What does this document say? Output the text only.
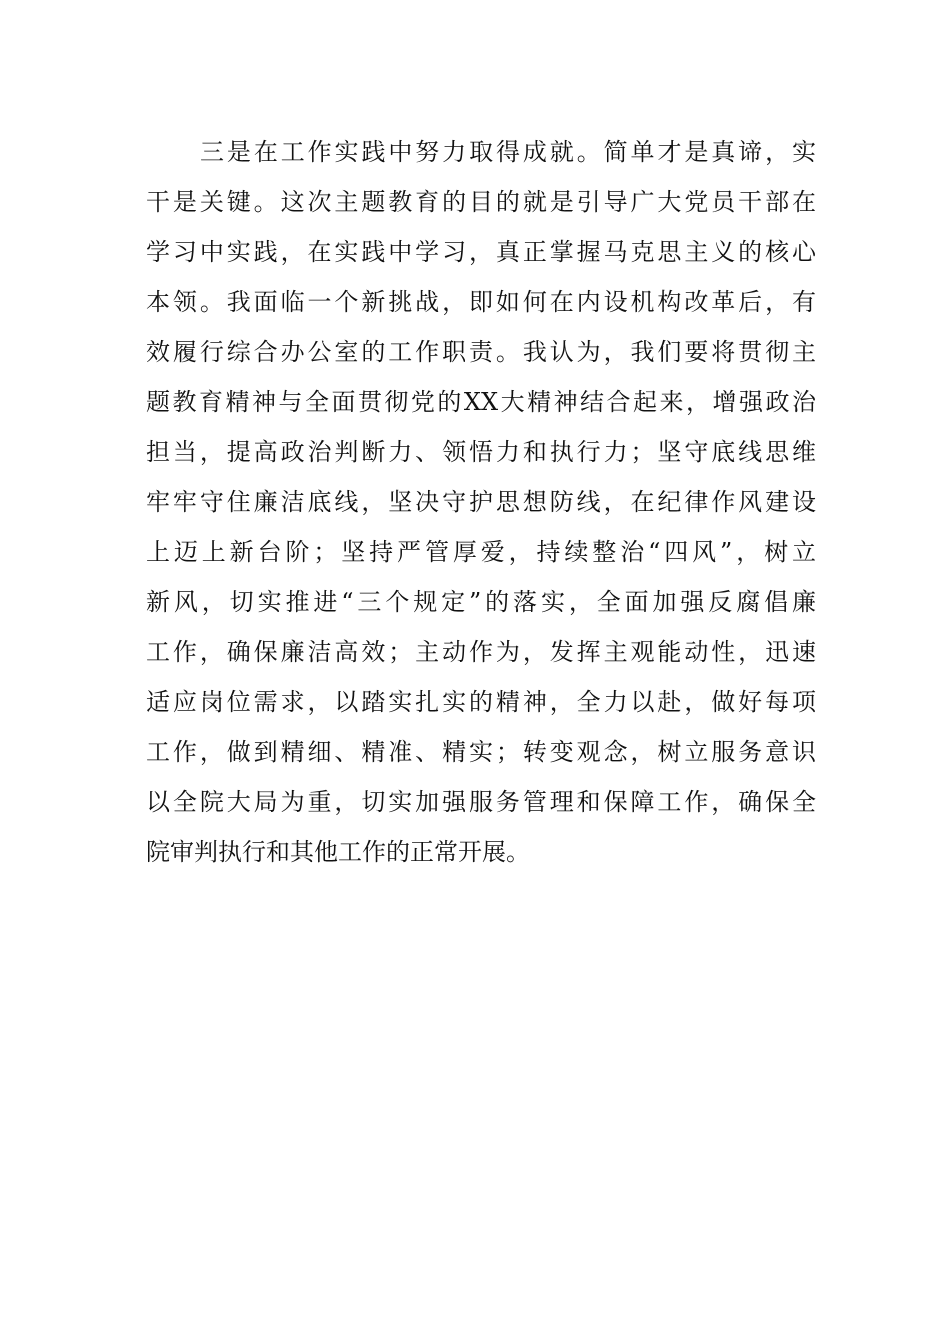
三是在工作实践中努力取得成就。简单才是真谛，实
干是关键。这次主题教育的目的就是引导广大党员干部在
学习中实践，在实践中学习，真正掌握马克思主义的核心
本领。我面临一个新挑战，即如何在内设机构改革后，有
效履行综合办公室的工作职责。我认为，我们要将贯彻主
题教育精神与全面贯彻党的XX大精神结合起来，增强政治
担当，提高政治判断力、领悟力和执行力；坚守底线思维
牢牢守住廉洁底线，坚决守护思想防线，在纪律作风建设
上迈上新台阶；坚持严管厚爱，持续整治“四风”，树立
新风，切实推进“三个规定”的落实，全面加强反腐倡廉
工作，确保廉洁高效；主动作为，发挥主观能动性，迅速
适应岗位需求，以踏实扎实的精神，全力以赴，做好每项
工作，做到精细、精准、精实；转变观念，树立服务意识
以全院大局为重，切实加强服务管理和保障工作，确保全
院审判执行和其他工作的正常开展。
